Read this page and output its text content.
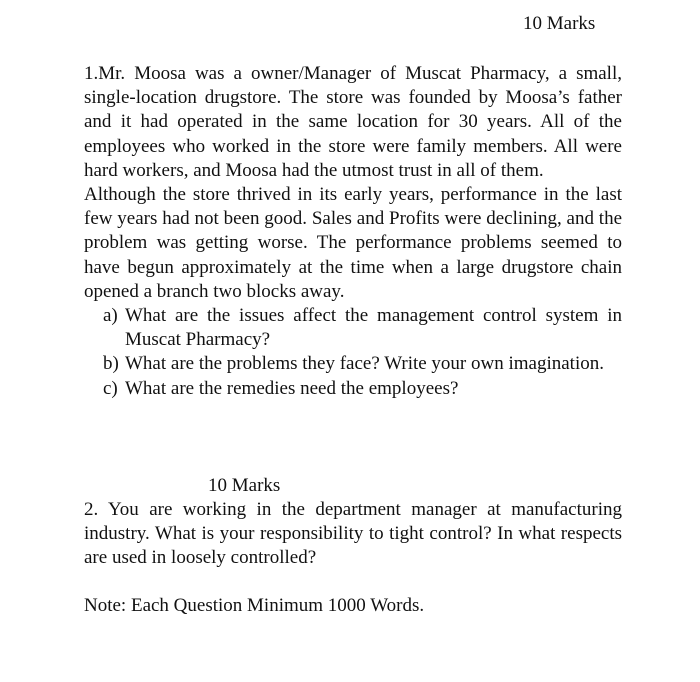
10 Marks

1.Mr. Moosa was a owner/Manager of Muscat Pharmacy, a small, single-location drugstore. The store was founded by Moosa’s father and it had operated in the same location for 30 years. All of the employees who worked in the store were family members. All were hard workers, and Moosa had the utmost trust in all of them.

Although the store thrived in its early years, performance in the last few years had not been good. Sales and Profits were declining, and the problem was getting worse. The performance problems seemed to have begun approximately at the time when a large drugstore chain opened a branch two blocks away.

a) What are the issues affect the management control system in Muscat Pharmacy?
b) What are the problems they face? Write your own imagination.
c) What are the remedies need the employees?
10 Marks

2. You are working in the department manager at manufacturing industry. What is your responsibility to tight control? In what respects are used in loosely controlled?

Note: Each Question Minimum 1000 Words.
